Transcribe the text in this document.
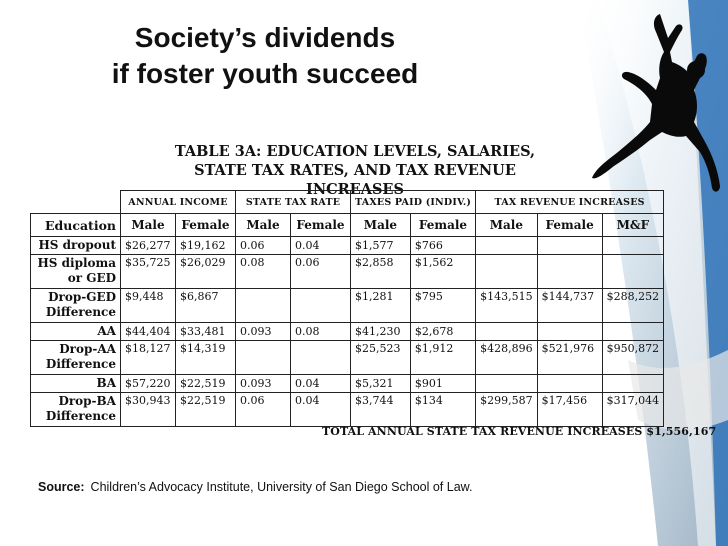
Society’s dividends
if foster youth succeed
TABLE 3A: EDUCATION LEVELS, SALARIES,
STATE TAX RATES, AND TAX REVENUE INCREASES
	ANNUAL INCOME		STATE TAX RATE		TAXES PAID (INDIV.)		TAX REVENUE INCREASES		
Education	Male	Female	Male	Female	Male	Female	Male	Female	M&F

HS dropout	$26,277	$19,162	0.06	0.04	$1,577	$766			

HS diploma
or GED	$35,725	$26,029	0.08	0.06	$2,858	$1,562			

Drop-GED
Difference	$9,448	$6,867			$1,281	$795	$143,515	$144,737	$288,252

AA	$44,404	$33,481	0.093	0.08	$41,230	$2,678			

Drop-AA
Difference	$18,127	$14,319			$25,523	$1,912	$428,896	$521,976	$950,872

BA	$57,220	$22,519	0.093	0.04	$5,321	$901			

Drop-BA
Difference	$30,943	$22,519	0.06	0.04	$3,744	$134	$299,587	$17,456	$317,044
TOTAL ANNUAL STATE TAX REVENUE INCREASES $1,556,167
Source: Children’s Advocacy Institute, University of San Diego School of Law.
